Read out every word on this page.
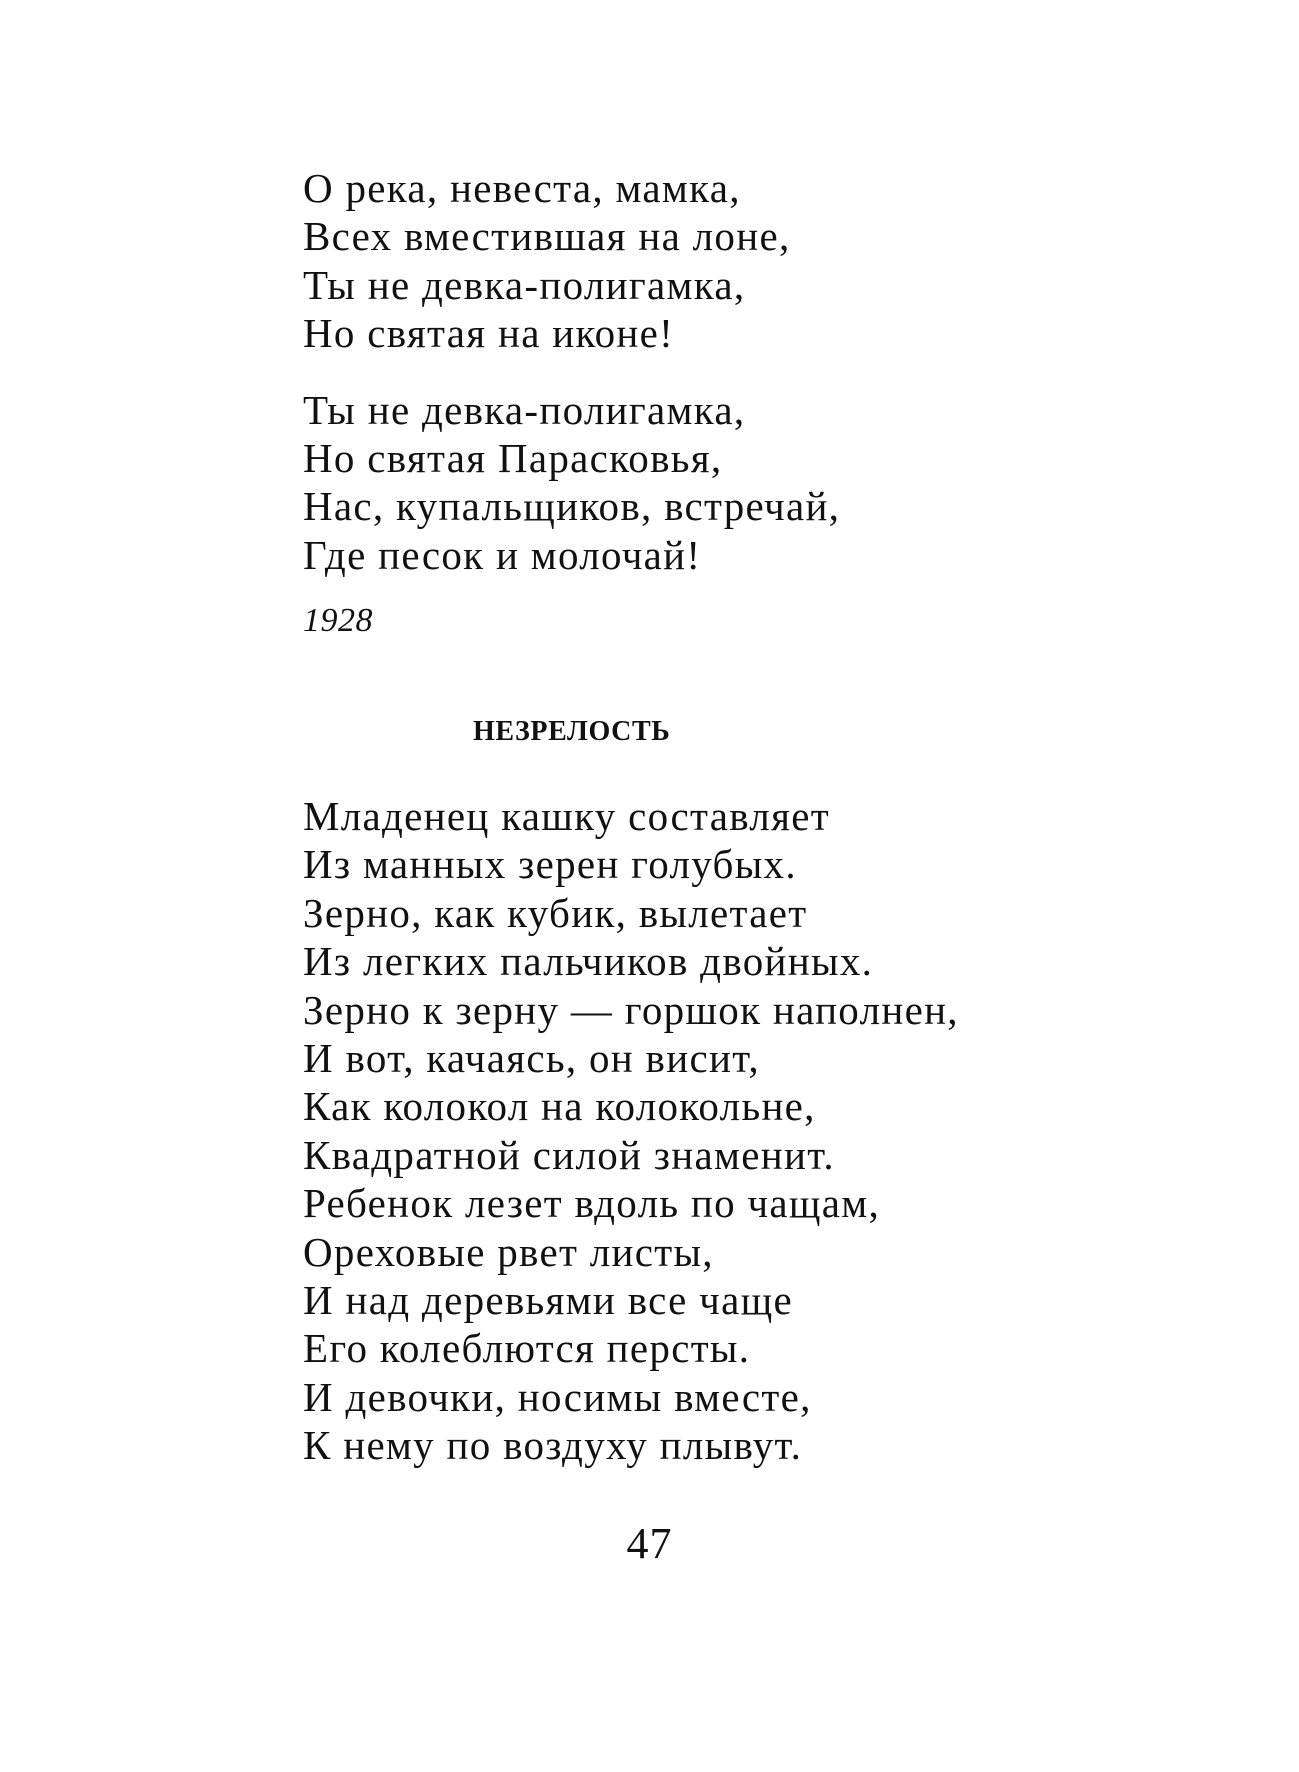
О река, невеста, мамка,
Всех вместившая на лоне,
Ты не девка-полигамка,
Но святая на иконе!
Ты не девка-полигамка,
Но святая Парасковья,
Нас, купальщиков, встречай,
Где песок и молочай!
1928
НЕЗРЕЛОСТЬ
Младенец кашку составляет
Из манных зерен голубых.
Зерно, как кубик, вылетает
Из легких пальчиков двойных.
Зерно к зерну — горшок наполнен,
И вот, качаясь, он висит,
Как колокол на колокольне,
Квадратной силой знаменит.
Ребенок лезет вдоль по чащам,
Ореховые рвет листы,
И над деревьями все чаще
Его колеблются персты.
И девочки, носимы вместе,
К нему по воздуху плывут.
47
